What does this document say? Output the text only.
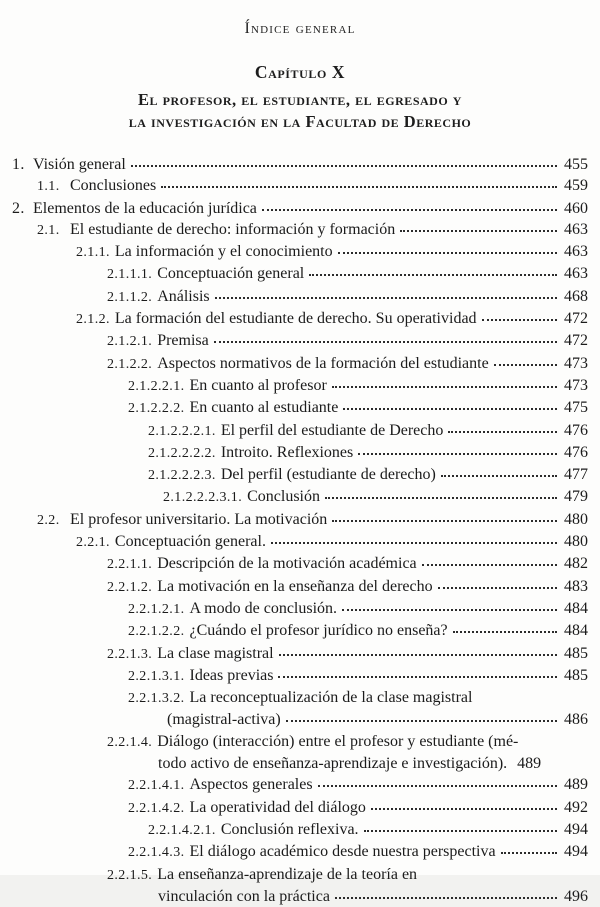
Índice general

Capítulo X

El profesor, el estudiante, el egresado y

la investigación en la Facultad de Derecho

1. Visión general	455
1.1. Conclusiones	459
2. Elementos de la educación jurídica	460
2.1. El estudiante de derecho: información y formación	463
2.1.1. La información y el conocimiento	463
2.1.1.1. Conceptuación general	463
2.1.1.2. Análisis	468
2.1.2. La formación del estudiante de derecho. Su operatividad	472
2.1.2.1. Premisa	472
2.1.2.2. Aspectos normativos de la formación del estudiante	473
2.1.2.2.1. En cuanto al profesor	473
2.1.2.2.2. En cuanto al estudiante	475
2.1.2.2.2.1. El perfil del estudiante de Derecho	476
2.1.2.2.2.2. Introito. Reflexiones	476
2.1.2.2.2.3. Del perfil (estudiante de derecho)	477
2.1.2.2.2.3.1. Conclusión	479
2.2. El profesor universitario. La motivación	480
2.2.1. Conceptuación general.	480
2.2.1.1. Descripción de la motivación académica	482
2.2.1.2. La motivación en la enseñanza del derecho	483
2.2.1.2.1. A modo de conclusión.	484
2.2.1.2.2. ¿Cuándo el profesor jurídico no enseña?	484
2.2.1.3. La clase magistral	485
2.2.1.3.1. Ideas previas	485
2.2.1.3.2. La reconceptualización de la clase magistral
(magistral-activa)	486
2.2.1.4. Diálogo (interacción) entre el profesor y estudiante (mé-
todo activo de enseñanza-aprendizaje e investigación). 489
2.2.1.4.1. Aspectos generales	489
2.2.1.4.2. La operatividad del diálogo	492
2.2.1.4.2.1. Conclusión reflexiva.	494
2.2.1.4.3. El diálogo académico desde nuestra perspectiva	494
2.2.1.5. La enseñanza-aprendizaje de la teoría en
vinculación con la práctica	496
